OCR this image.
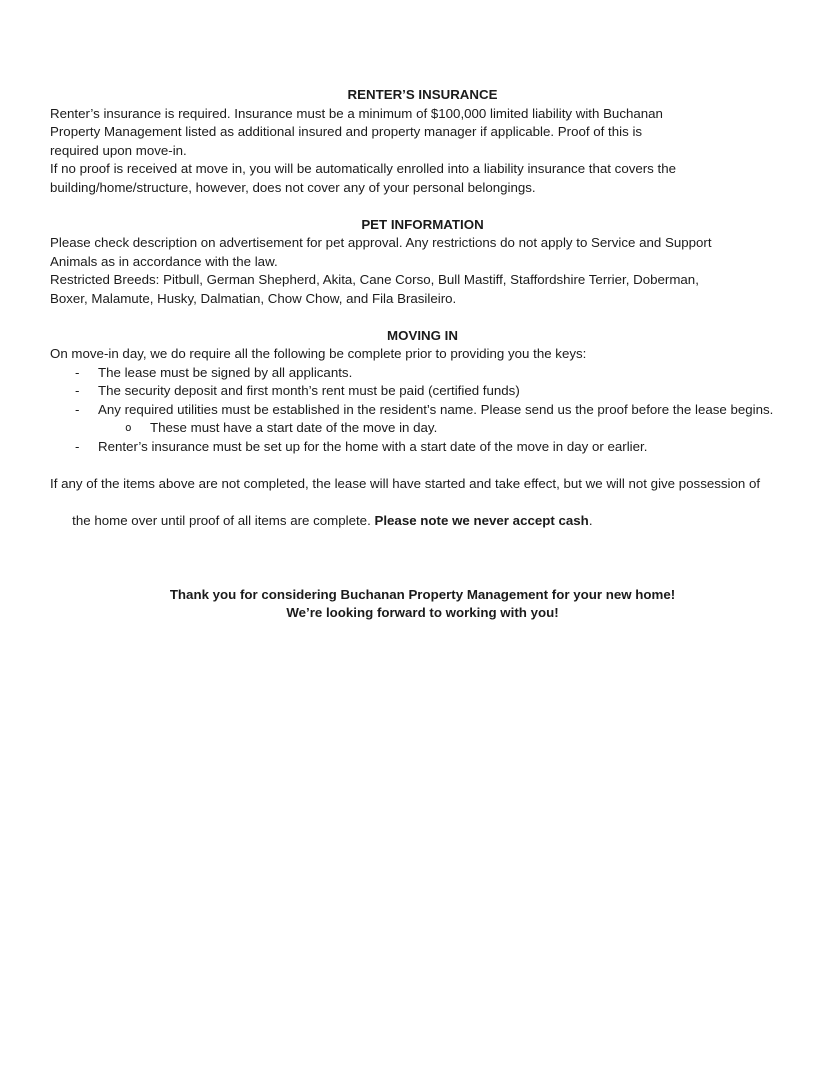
RENTER’S INSURANCE
Renter’s insurance is required. Insurance must be a minimum of $100,000 limited liability with Buchanan
Property Management listed as additional insured and property manager if applicable. Proof of this is
required upon move-in.
If no proof is received at move in, you will be automatically enrolled into a liability insurance that covers the
building/home/structure, however, does not cover any of your personal belongings.
PET INFORMATION
Please check description on advertisement for pet approval. Any restrictions do not apply to Service and Support
Animals as in accordance with the law.
Restricted Breeds: Pitbull, German Shepherd, Akita, Cane Corso, Bull Mastiff, Staffordshire Terrier, Doberman,
Boxer, Malamute, Husky, Dalmatian, Chow Chow, and Fila Brasileiro.
MOVING IN
On move-in day, we do require all the following be complete prior to providing you the keys:
-	The lease must be signed by all applicants.
-	The security deposit and first month’s rent must be paid (certified funds)
-	Any required utilities must be established in the resident’s name. Please send us the proof before the lease begins.
o	These must have a start date of the move in day.
-	Renter’s insurance must be set up for the home with a start date of the move in day or earlier.
If any of the items above are not completed, the lease will have started and take effect, but we will not give possession of

the home over until proof of all items are complete. Please note we never accept cash.

Thank you for considering Buchanan Property Management for your new home!
We’re looking forward to working with you!
